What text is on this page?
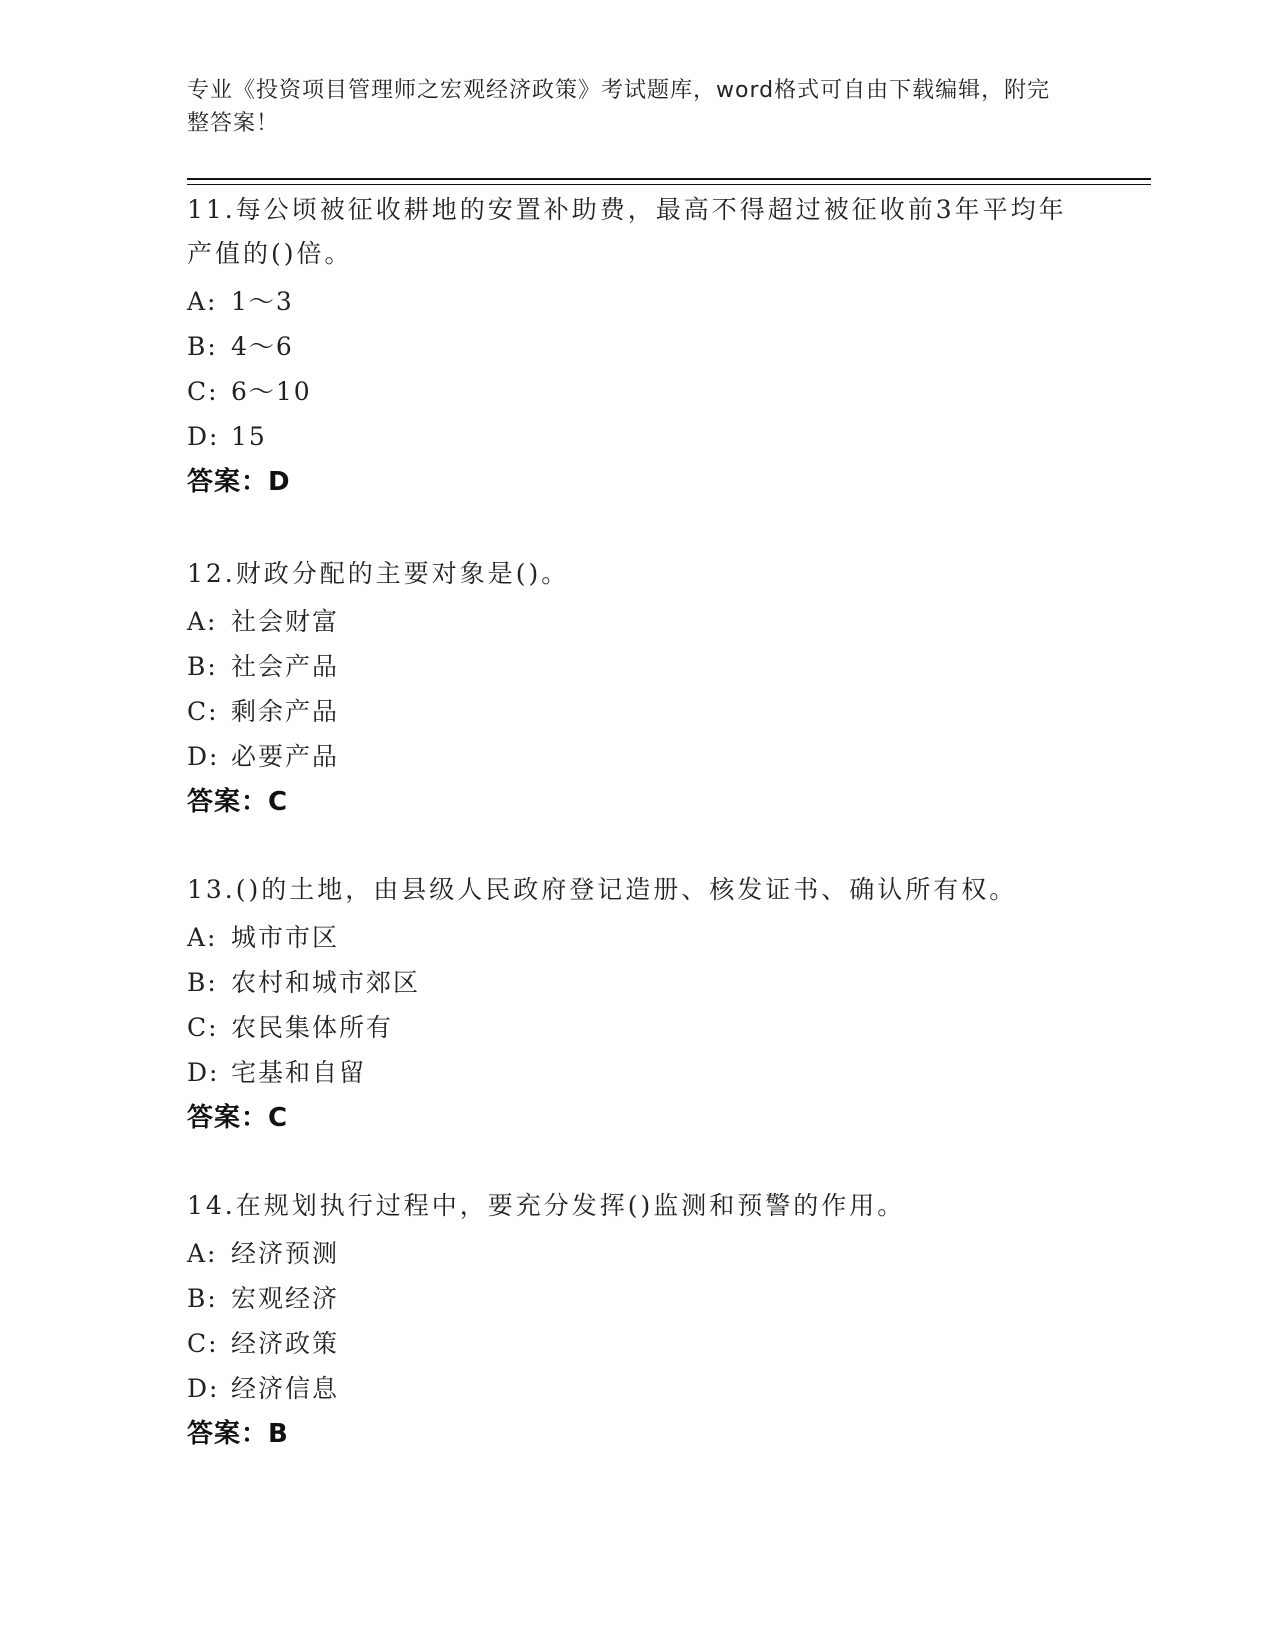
专业《投资项目管理师之宏观经济政策》考试题库，word格式可自由下载编辑，附完整答案！
11.每公顷被征收耕地的安置补助费，最高不得超过被征收前3年平均年产值的()倍。
A: 1～3
B: 4～6
C: 6～10
D: 15
答案：D
12.财政分配的主要对象是()。
A: 社会财富
B: 社会产品
C: 剩余产品
D: 必要产品
答案：C
13.()的土地，由县级人民政府登记造册、核发证书、确认所有权。
A: 城市市区
B: 农村和城市郊区
C: 农民集体所有
D: 宅基和自留
答案：C
14.在规划执行过程中，要充分发挥()监测和预警的作用。
A: 经济预测
B: 宏观经济
C: 经济政策
D: 经济信息
答案：B
